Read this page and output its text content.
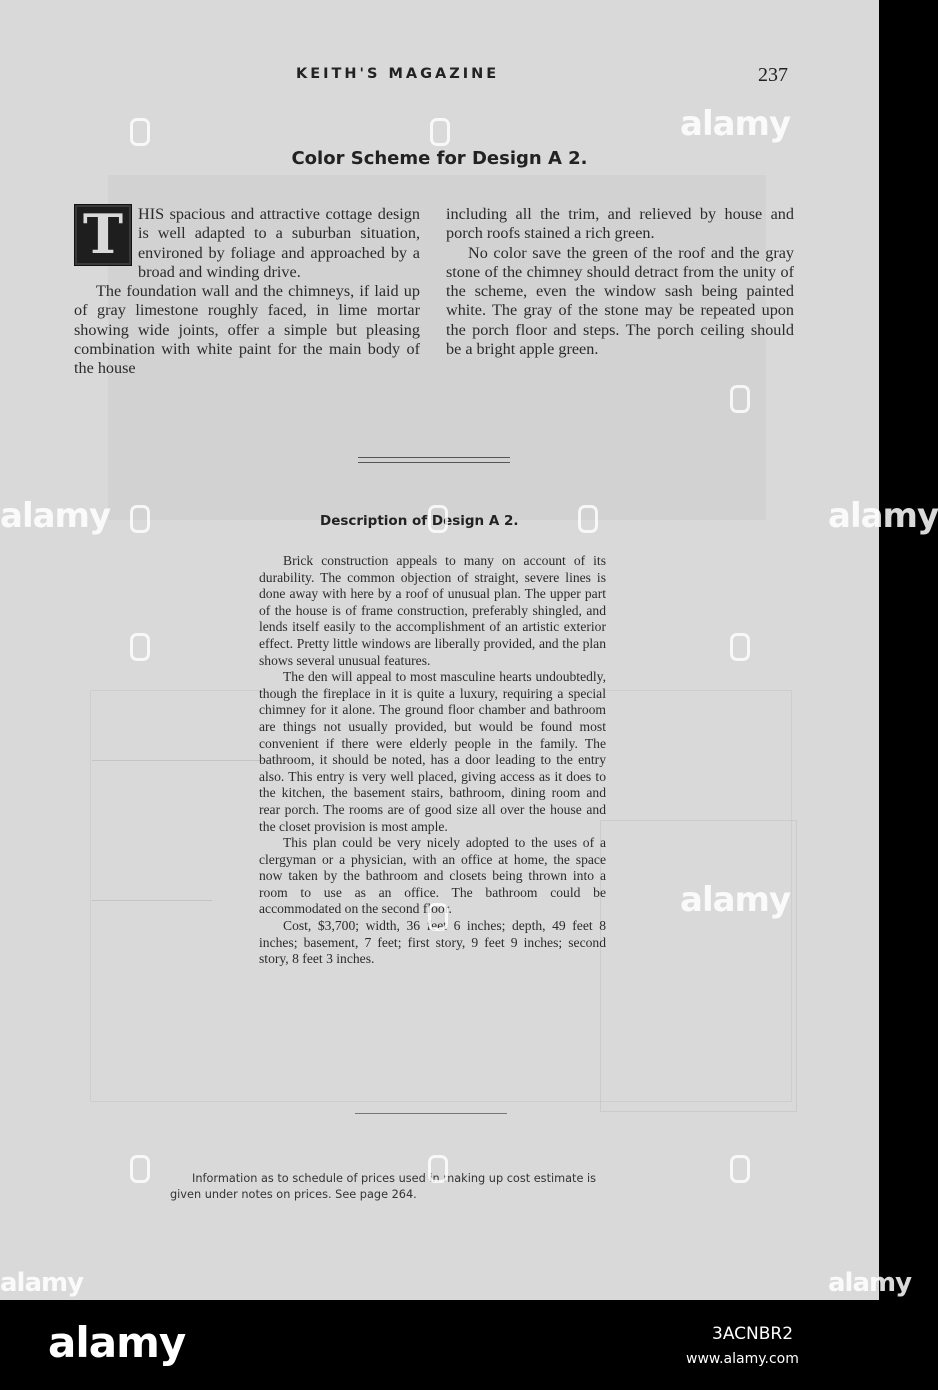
KEITH'S MAGAZINE	237
Color Scheme for Design A 2.

T HIS spacious and attractive cottage design is well adapted to a suburban situation, environed by foliage and approached by a broad and winding drive.

The foundation wall and the chimneys, if laid up of gray limestone roughly faced, in lime mortar showing wide joints, offer a simple but pleasing combination with white paint for the main body of the house

including all the trim, and relieved by house and porch roofs stained a rich green.

No color save the green of the roof and the gray stone of the chimney should detract from the unity of the scheme, even the window sash being painted white. The gray of the stone may be repeated upon the porch floor and steps. The porch ceiling should be a bright apple green.

Description of Design A 2.

Brick construction appeals to many on account of its durability. The common objection of straight, severe lines is done away with here by a roof of unusual plan. The upper part of the house is of frame construction, preferably shingled, and lends itself easily to the accomplishment of an artistic exterior effect. Pretty little windows are liberally provided, and the plan shows several unusual features.

The den will appeal to most masculine hearts undoubtedly, though the fireplace in it is quite a luxury, requiring a special chimney for it alone. The ground floor chamber and bathroom are things not usually provided, but would be found most convenient if there were elderly people in the family. The bathroom, it should be noted, has a door leading to the entry also. This entry is very well placed, giving access as it does to the kitchen, the basement stairs, bathroom, dining room and rear porch. The rooms are of good size all over the house and the closet provision is most ample.

This plan could be very nicely adopted to the uses of a clergyman or a physician, with an office at home, the space now taken by the bathroom and closets being thrown into a room to use as an office. The bathroom could be accommodated on the second floor.

Cost, $3,700; width, 36 feet 6 inches; depth, 49 feet 8 inches; basement, 7 feet; first story, 9 feet 9 inches; second story, 8 feet 3 inches.

Information as to schedule of prices used in making up cost estimate is

given under notes on prices. See page 264.

alamy
alamy
alamy	alamy
alamy	alamy
alamy	3ACNBR2
www.alamy.com
